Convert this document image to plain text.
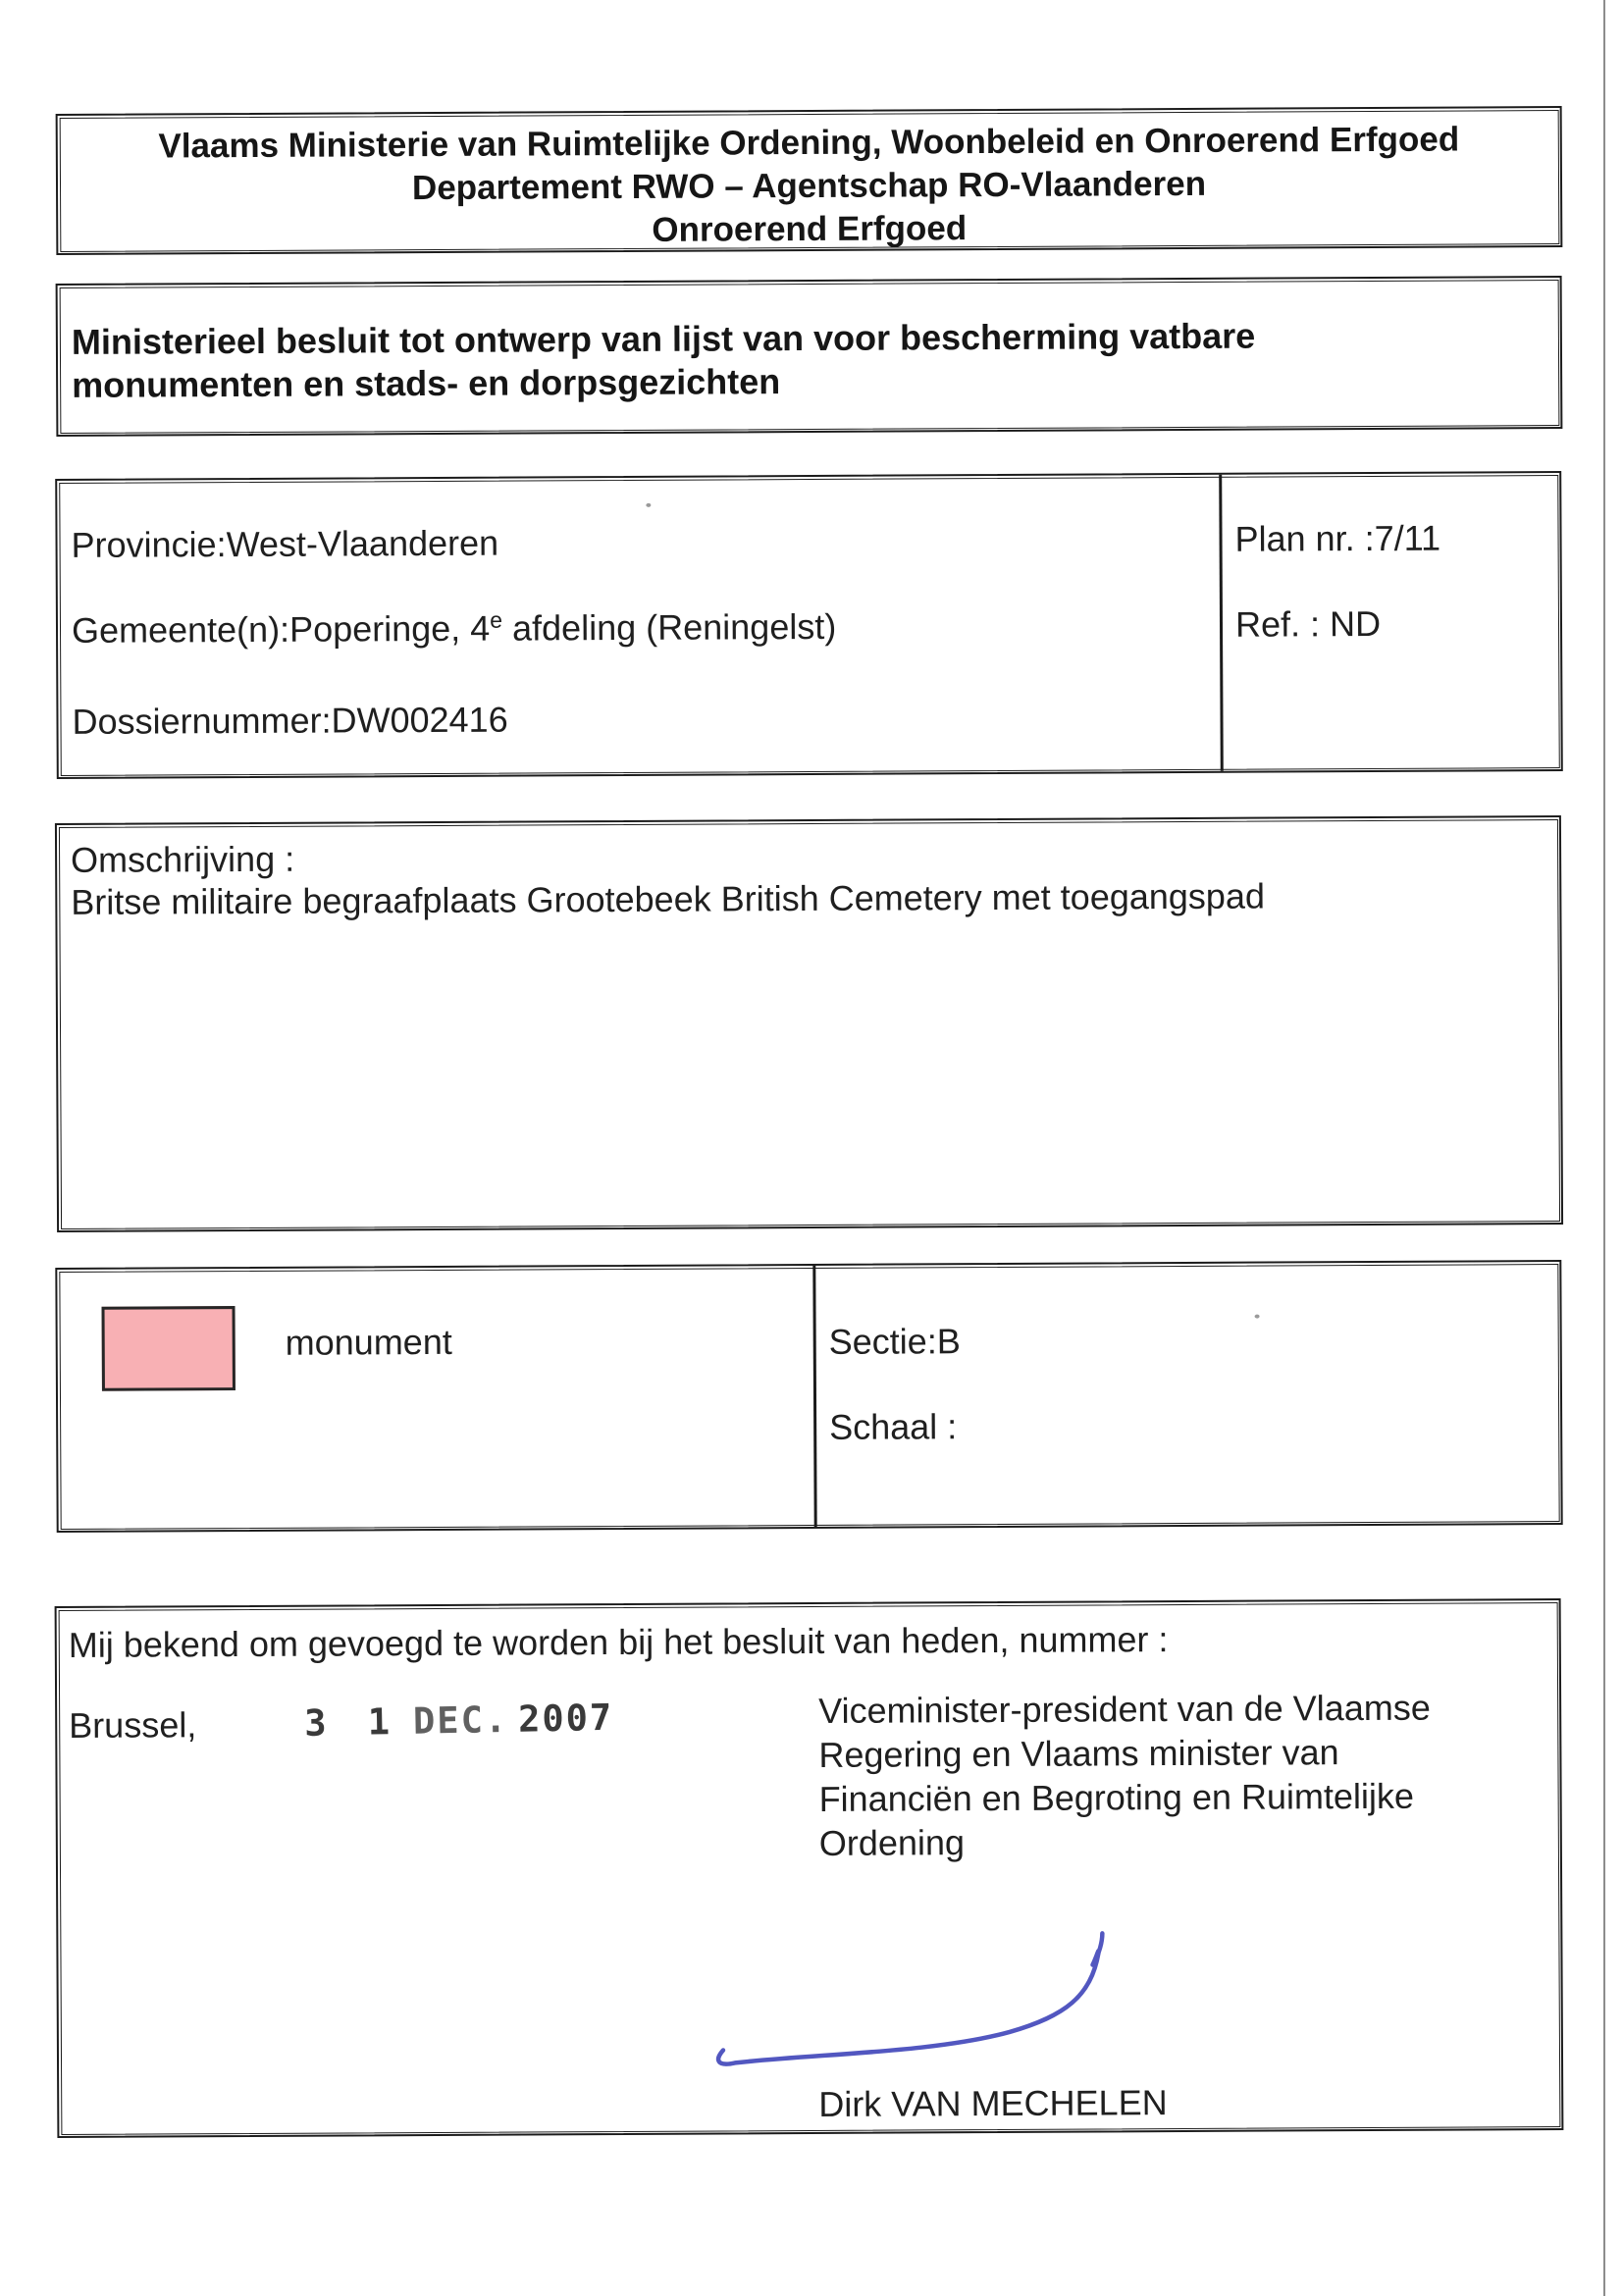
Vlaams Ministerie van Ruimtelijke Ordening, Woonbeleid en Onroerend Erfgoed
Departement RWO – Agentschap RO-Vlaanderen
Onroerend Erfgoed
Ministerieel besluit tot ontwerp van lijst van voor bescherming vatbare
monumenten en stads- en dorpsgezichten
Provincie:West-Vlaanderen
Gemeente(n):Poperinge, 4e afdeling (Reningelst)
Dossiernummer:DW002416
Plan nr. :7/11
Ref. : ND
Omschrijving :
Britse militaire begraafplaats Grootebeek British Cemetery met toegangspad
monument	Sectie:B
Schaal :
Mij bekend om gevoegd te worden bij het besluit van heden, nummer :
Brussel,	3 1 DEC. 2007	Viceminister-president van de Vlaamse
Regering en Vlaams minister van
Financiën en Begroting en Ruimtelijke
Ordening
Dirk VAN MECHELEN
